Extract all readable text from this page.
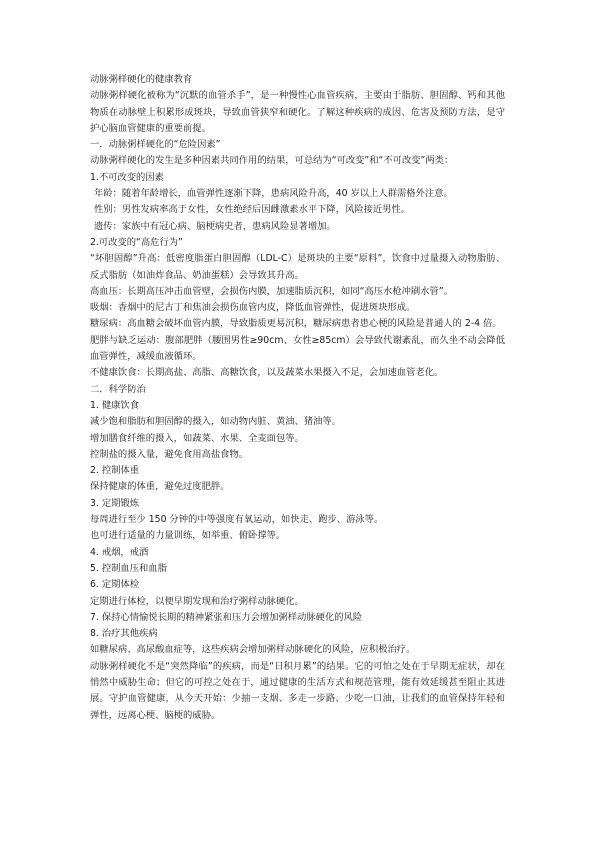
动脉粥样硬化的健康教育

动脉粥样硬化被称为“沉默的血管杀手”，是一种慢性心血管疾病，主要由于脂肪、胆固醇、钙和其他物质在动脉壁上积累形成斑块，导致血管狭窄和硬化。了解这种疾病的成因、危害及预防方法，是守护心脑血管健康的重要前提。

一．动脉粥样硬化的“危险因素”

动脉粥样硬化的发生是多种因素共同作用的结果，可总结为“可改变”和“不可改变”两类：

1.不可改变的因素

年龄：随着年龄增长，血管弹性逐渐下降，患病风险升高，40 岁以上人群需格外注意。

性别：男性发病率高于女性，女性绝经后因雌激素水平下降，风险接近男性。

遗传：家族中有冠心病、脑梗病史者，患病风险显著增加。

2.可改变的“高危行为”

“坏胆固醇”升高：低密度脂蛋白胆固醇（LDL-C）是斑块的主要“原料”，饮食中过量摄入动物脂肪、反式脂肪（如油炸食品、奶油蛋糕）会导致其升高。

高血压：长期高压冲击血管壁，会损伤内膜，加速脂质沉积，如同“高压水枪冲刷水管”。

吸烟：香烟中的尼古丁和焦油会损伤血管内皮，降低血管弹性，促进斑块形成。

糖尿病：高血糖会破坏血管内膜，导致脂质更易沉积，糖尿病患者患心梗的风险是普通人的 2-4 倍。

肥胖与缺乏运动：腹部肥胖（腰围男性≥90cm、女性≥85cm）会导致代谢紊乱，而久坐不动会降低血管弹性，减缓血液循环。

不健康饮食：长期高盐、高脂、高糖饮食，以及蔬菜水果摄入不足，会加速血管老化。

二．科学防治

1. 健康饮食

减少饱和脂肪和胆固醇的摄入，如动物内脏、黄油、猪油等。

增加膳食纤维的摄入，如蔬菜、水果、全麦面包等。

控制盐的摄入量，避免食用高盐食物。

2. 控制体重

保持健康的体重，避免过度肥胖。

3. 定期锻炼

每周进行至少 150 分钟的中等强度有氧运动，如快走、跑步、游泳等。

也可进行适量的力量训练，如举重、俯卧撑等。

4. 戒烟，戒酒

5. 控制血压和血脂

6. 定期体检

定期进行体检，以便早期发现和治疗粥样动脉硬化。

7. 保持心情愉悦长期的精神紧张和压力会增加粥样动脉硬化的风险

8. 治疗其他疾病

如糖尿病、高尿酸血症等，这些疾病会增加粥样动脉硬化的风险，应积极治疗。

动脉粥样硬化不是“突然降临”的疾病，而是“日积月累”的结果。它的可怕之处在于早期无症状，却在悄然中威胁生命；但它的可控之处在于，通过健康的生活方式和规范管理，能有效延缓甚至阻止其进展。守护血管健康，从今天开始：少抽一支烟、多走一步路、少吃一口油，让我们的血管保持年轻和弹性，远离心梗、脑梗的威胁。
